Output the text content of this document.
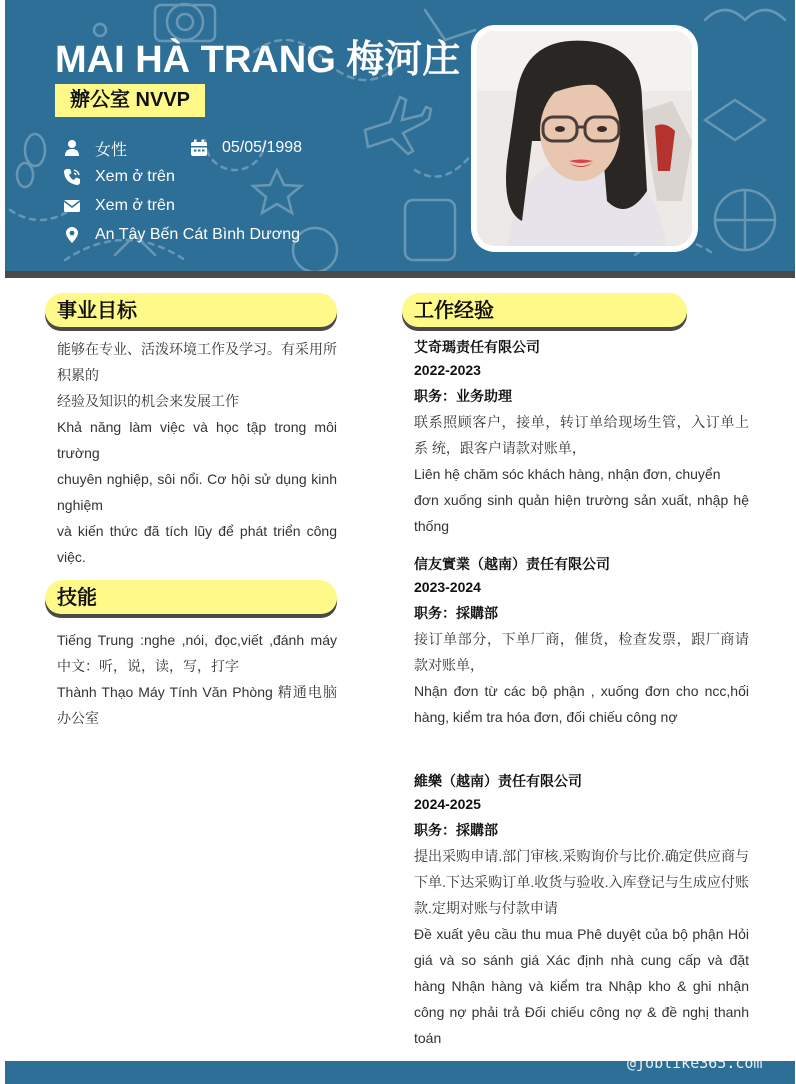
MAI HÀ TRANG 梅河庄
辦公室 NVVP
女性	05/05/1998
Xem ở trên
Xem ở trên
An Tây Bến Cát Bình Dương
事业目标

能够在专业、活泼环境工作及学习。有采用所积累的

经验及知识的机会来发展工作

Khả năng làm việc và học tập trong môi trường

chuyên nghiệp, sôi nổi. Cơ hội sử dụng kinh nghiệm

và kiến thức đã tích lũy để phát triển công việc.

技能

Tiếng Trung :nghe ,nói, đọc,viết ,đánh máy 中文：听，说，读，写，打字

Thành Thạo Máy Tính Văn Phòng 精通电脑办公室

工作经验
艾奇瑪责任有限公司
2022-2023
职务：业务助理

联系照顾客户，接单，转订单给现场生管，入订单上系 统，跟客户请款对账单，

Liên hệ chăm sóc khách hàng, nhận đơn, chuyển

đơn xuống sinh quản hiện trường sản xuất, nhập hệ thống

信友實業（越南）责任有限公司
2023-2024
职务：採購部

接订单部分，下单厂商，催货，检查发票，跟厂商请款对账单，

Nhận đơn từ các bộ phận , xuống đơn cho ncc,hối hàng, kiểm tra hóa đơn, đối chiếu công nợ

維樂（越南）责任有限公司
2024-2025
职务：採購部

提出采购申请.部门审核.采购询价与比价.确定供应商与下单.下达采购订单.收货与验收.入库登记与生成应付账款.定期对账与付款申请

Đề xuất yêu cầu thu mua Phê duyệt của bộ phận Hỏi giá và so sánh giá Xác định nhà cung cấp và đặt hàng Nhận hàng và kiểm tra Nhập kho & ghi nhận công nợ phải trả Đối chiếu công nợ & đề nghị thanh toán

@joblike365.com
